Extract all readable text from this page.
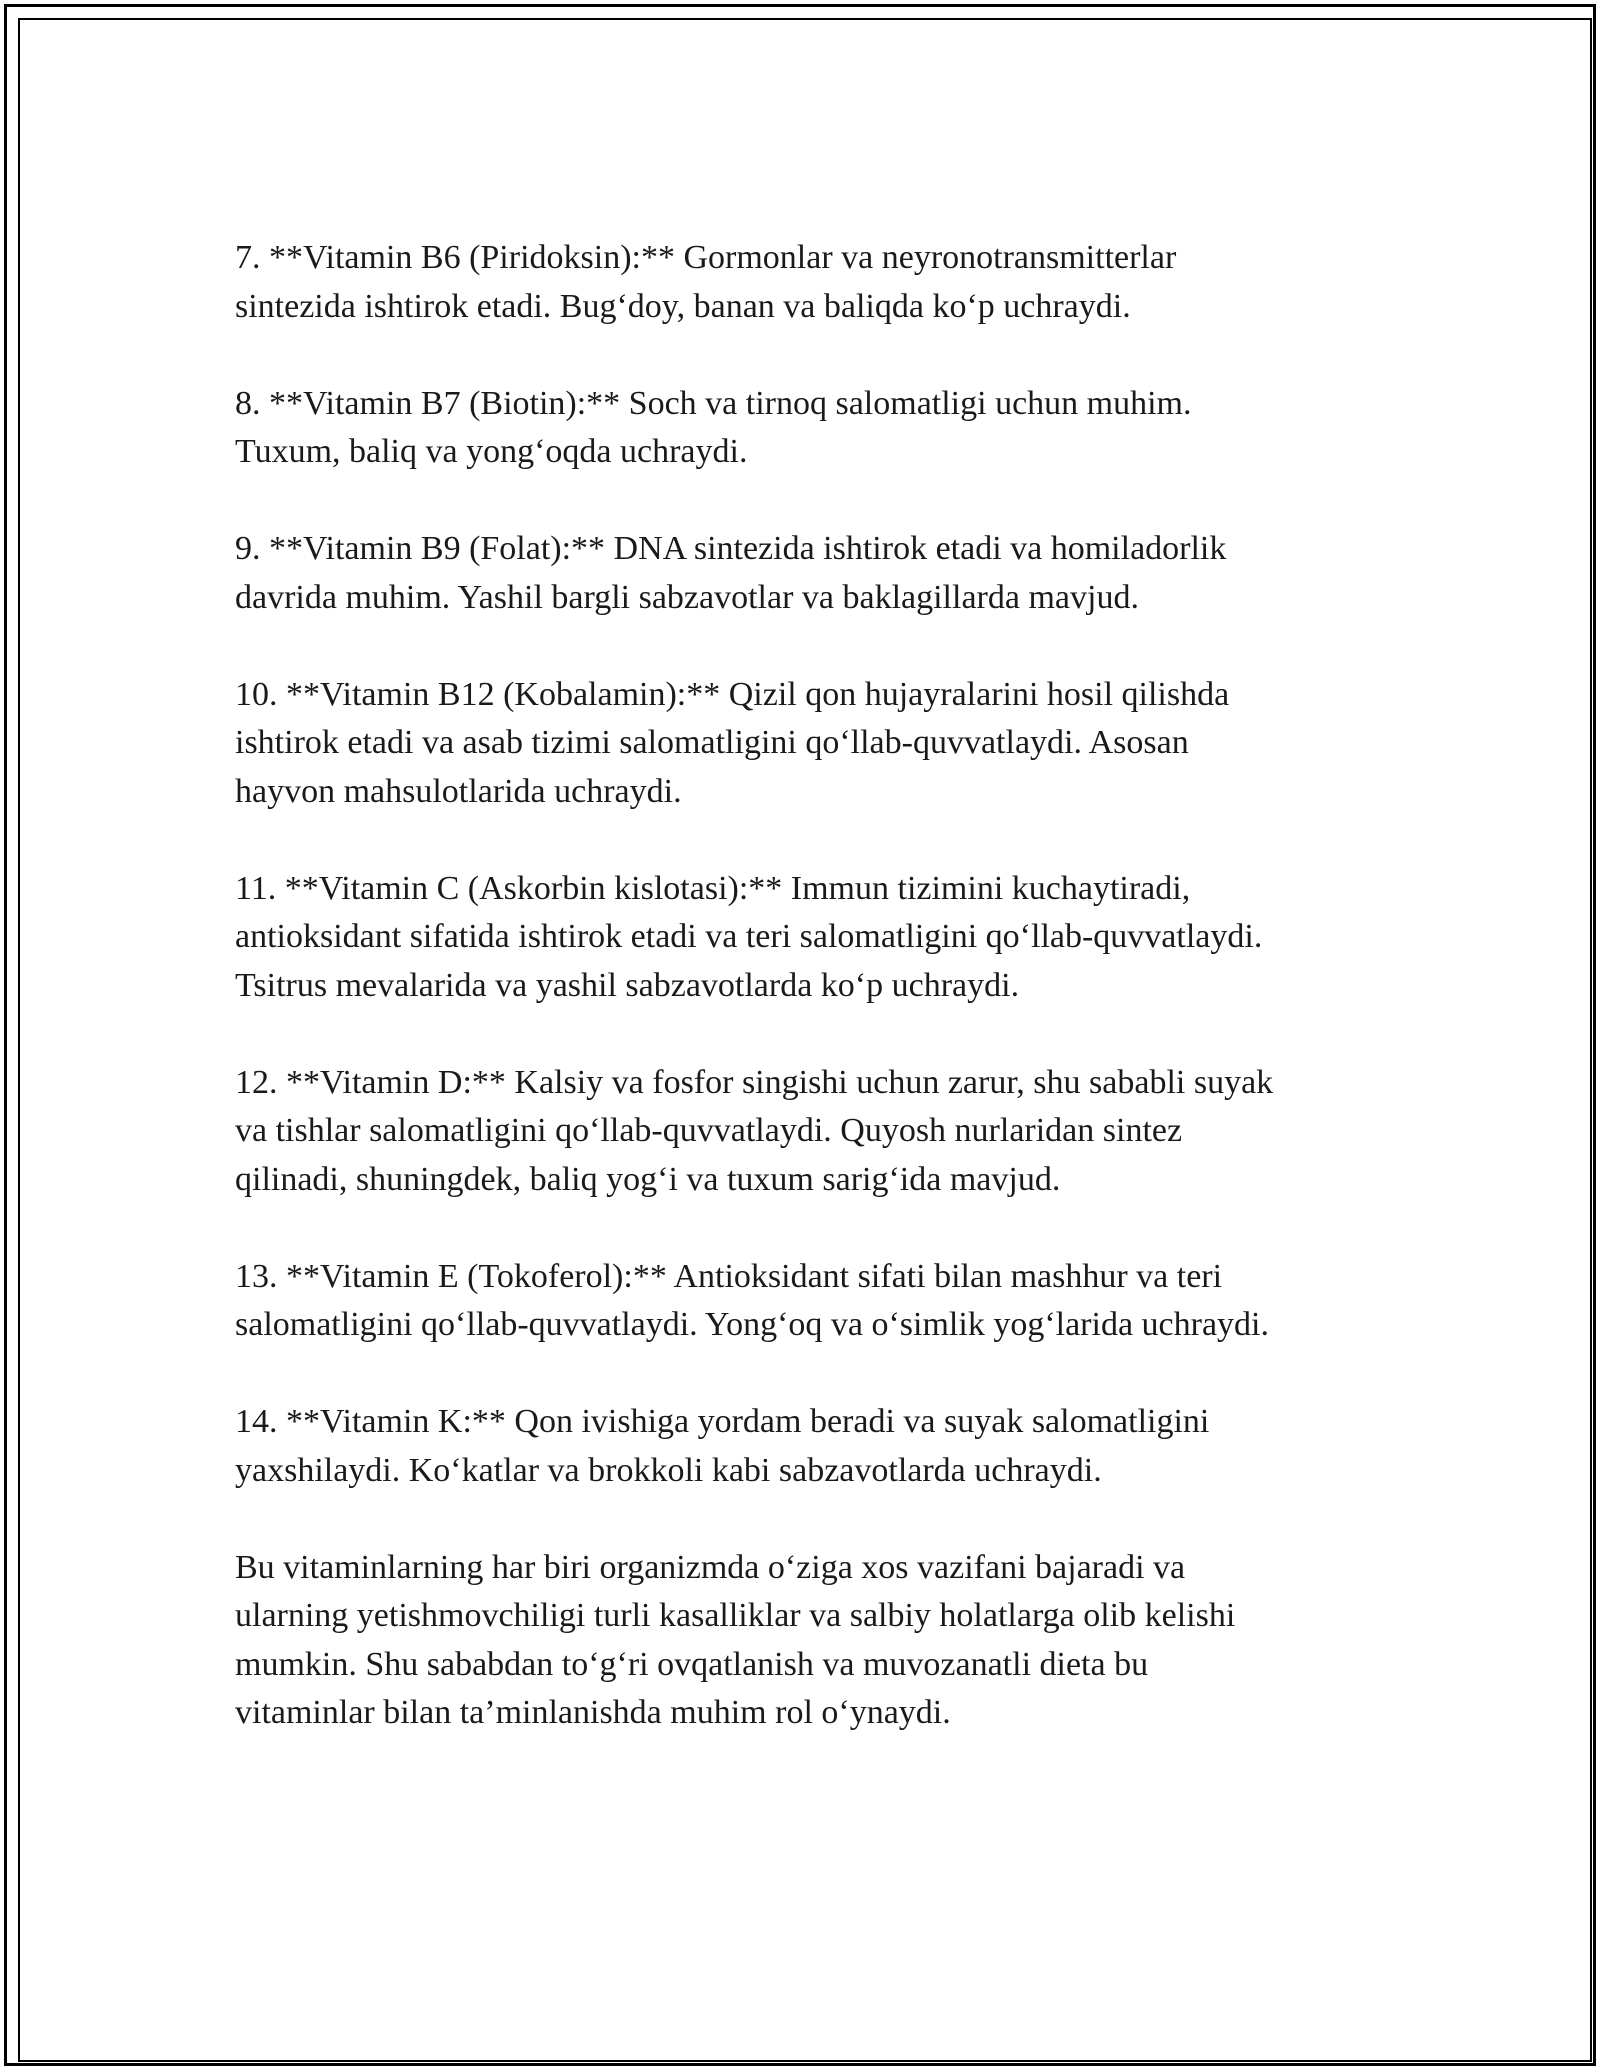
7. **Vitamin B6 (Piridoksin):** Gormonlar va neyronotransmitterlar
sintezida ishtirok etadi. Bug‘doy, banan va baliqda ko‘p uchraydi.

8. **Vitamin B7 (Biotin):** Soch va tirnoq salomatligi uchun muhim.
Tuxum, baliq va yong‘oqda uchraydi.

9. **Vitamin B9 (Folat):** DNA sintezida ishtirok etadi va homiladorlik
davrida muhim. Yashil bargli sabzavotlar va baklagillarda mavjud.

10. **Vitamin B12 (Kobalamin):** Qizil qon hujayralarini hosil qilishda
ishtirok etadi va asab tizimi salomatligini qo‘llab-quvvatlaydi. Asosan
hayvon mahsulotlarida uchraydi.

11. **Vitamin C (Askorbin kislotasi):** Immun tizimini kuchaytiradi,
antioksidant sifatida ishtirok etadi va teri salomatligini qo‘llab-quvvatlaydi.
Tsitrus mevalarida va yashil sabzavotlarda ko‘p uchraydi.

12. **Vitamin D:** Kalsiy va fosfor singishi uchun zarur, shu sababli suyak
va tishlar salomatligini qo‘llab-quvvatlaydi. Quyosh nurlaridan sintez
qilinadi, shuningdek, baliq yog‘i va tuxum sarig‘ida mavjud.

13. **Vitamin E (Tokoferol):** Antioksidant sifati bilan mashhur va teri
salomatligini qo‘llab-quvvatlaydi. Yong‘oq va o‘simlik yog‘larida uchraydi.

14. **Vitamin K:** Qon ivishiga yordam beradi va suyak salomatligini
yaxshilaydi. Ko‘katlar va brokkoli kabi sabzavotlarda uchraydi.

Bu vitaminlarning har biri organizmda o‘ziga xos vazifani bajaradi va
ularning yetishmovchiligi turli kasalliklar va salbiy holatlarga olib kelishi
mumkin. Shu sababdan to‘g‘ri ovqatlanish va muvozanatli dieta bu
vitaminlar bilan ta’minlanishda muhim rol o‘ynaydi.
